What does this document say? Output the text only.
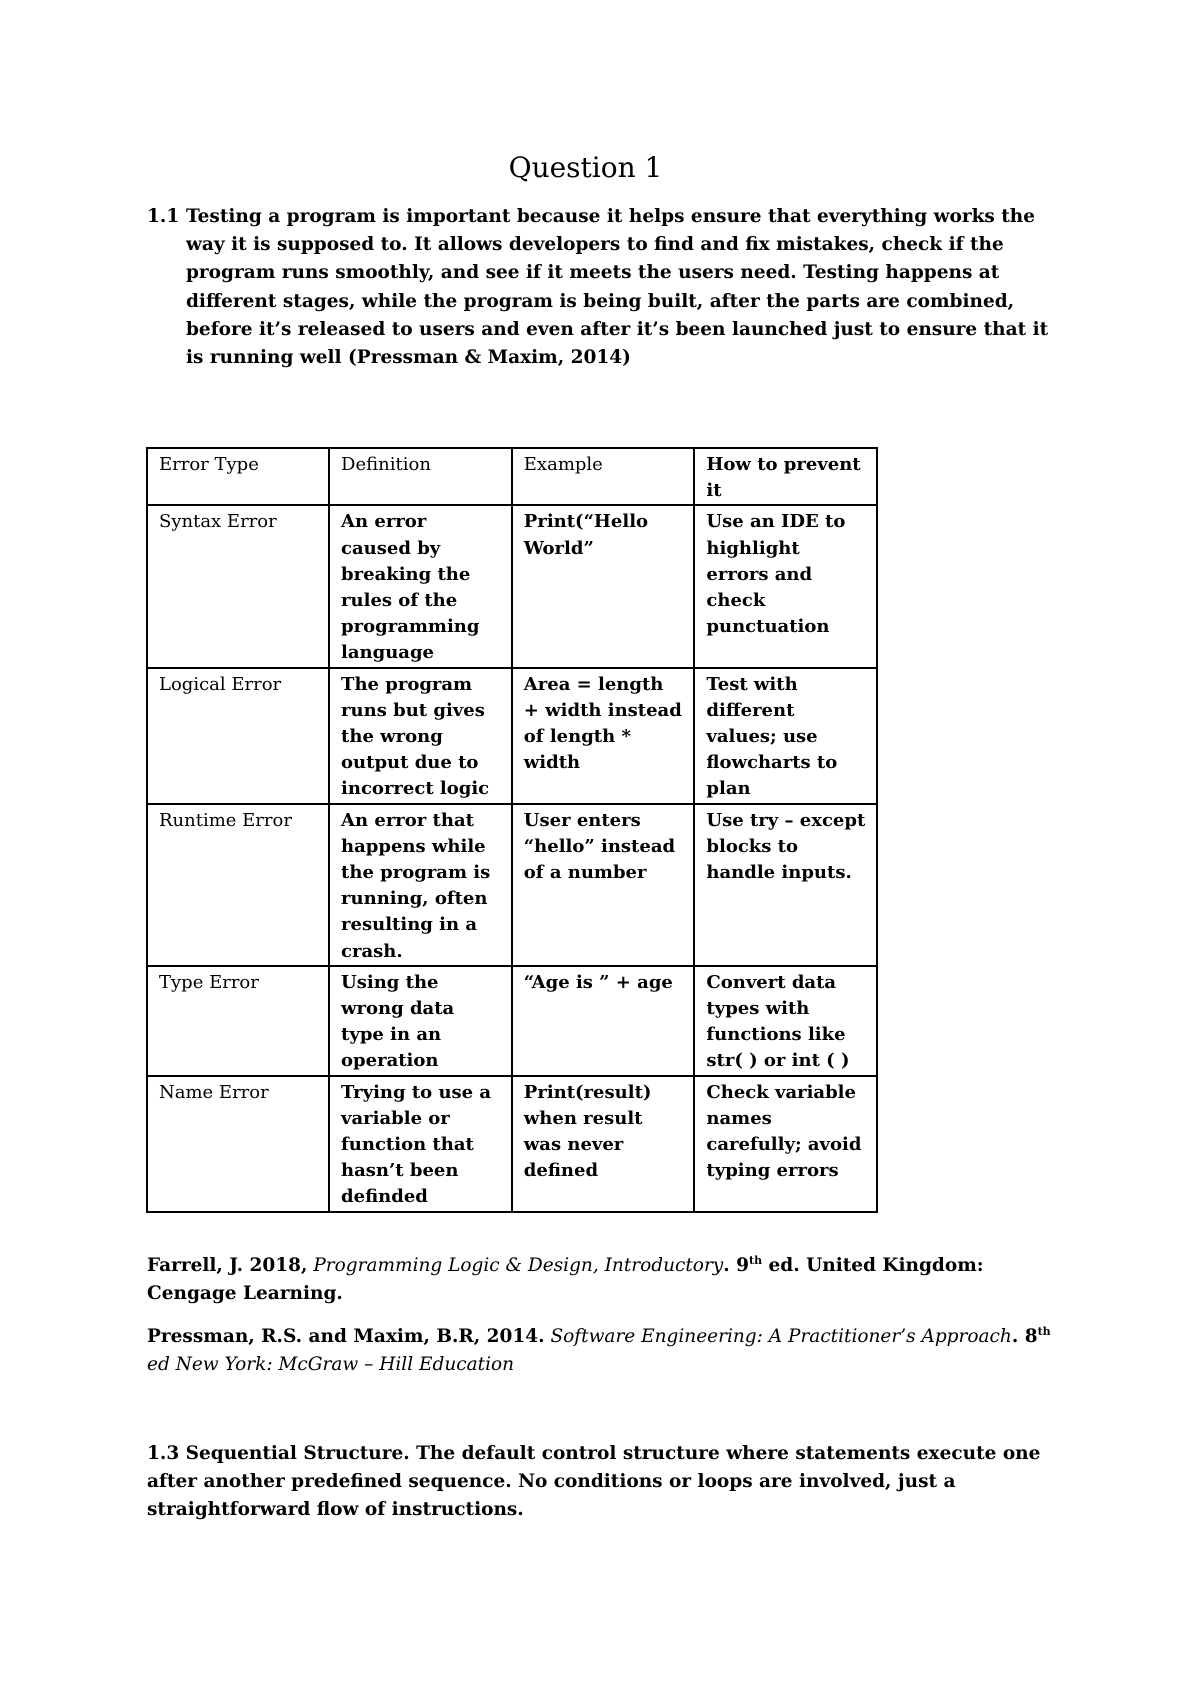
Question 1
1.1 Testing a program is important because it helps ensure that everything works the way it is supposed to. It allows developers to find and fix mistakes, check if the program runs smoothly, and see if it meets the users need. Testing happens at different stages, while the program is being built, after the parts are combined, before it’s released to users and even after it’s been launched just to ensure that it is running well (Pressman & Maxim, 2014)
Error Type	Definition	Example	How to prevent it
Syntax Error	An error caused by breaking the rules of the programming language	Print(“Hello World”	Use an IDE to highlight errors and check punctuation
Logical Error	The program runs but gives the wrong output due to incorrect logic	Area = length + width instead of length * width	Test with different values; use flowcharts to plan
Runtime Error	An error that happens while the program is running, often resulting in a crash.	User enters “hello” instead of a number	Use try – except blocks to handle inputs.
Type Error	Using the wrong data type in an operation	“Age is ” + age	Convert data types with functions like str( ) or int ( )
Name Error	Trying to use a variable or function that hasn’t been definded	Print(result) when result was never defined	Check variable names carefully; avoid typing errors

Farrell, J. 2018, Programming Logic & Design, Introductory. 9th ed. United Kingdom: Cengage Learning.

Pressman, R.S. and Maxim, B.R, 2014. Software Engineering: A Practitioner’s Approach. 8th ed New York: McGraw – Hill Education

1.3 Sequential Structure. The default control structure where statements execute one after another predefined sequence. No conditions or loops are involved, just a straightforward flow of instructions.
